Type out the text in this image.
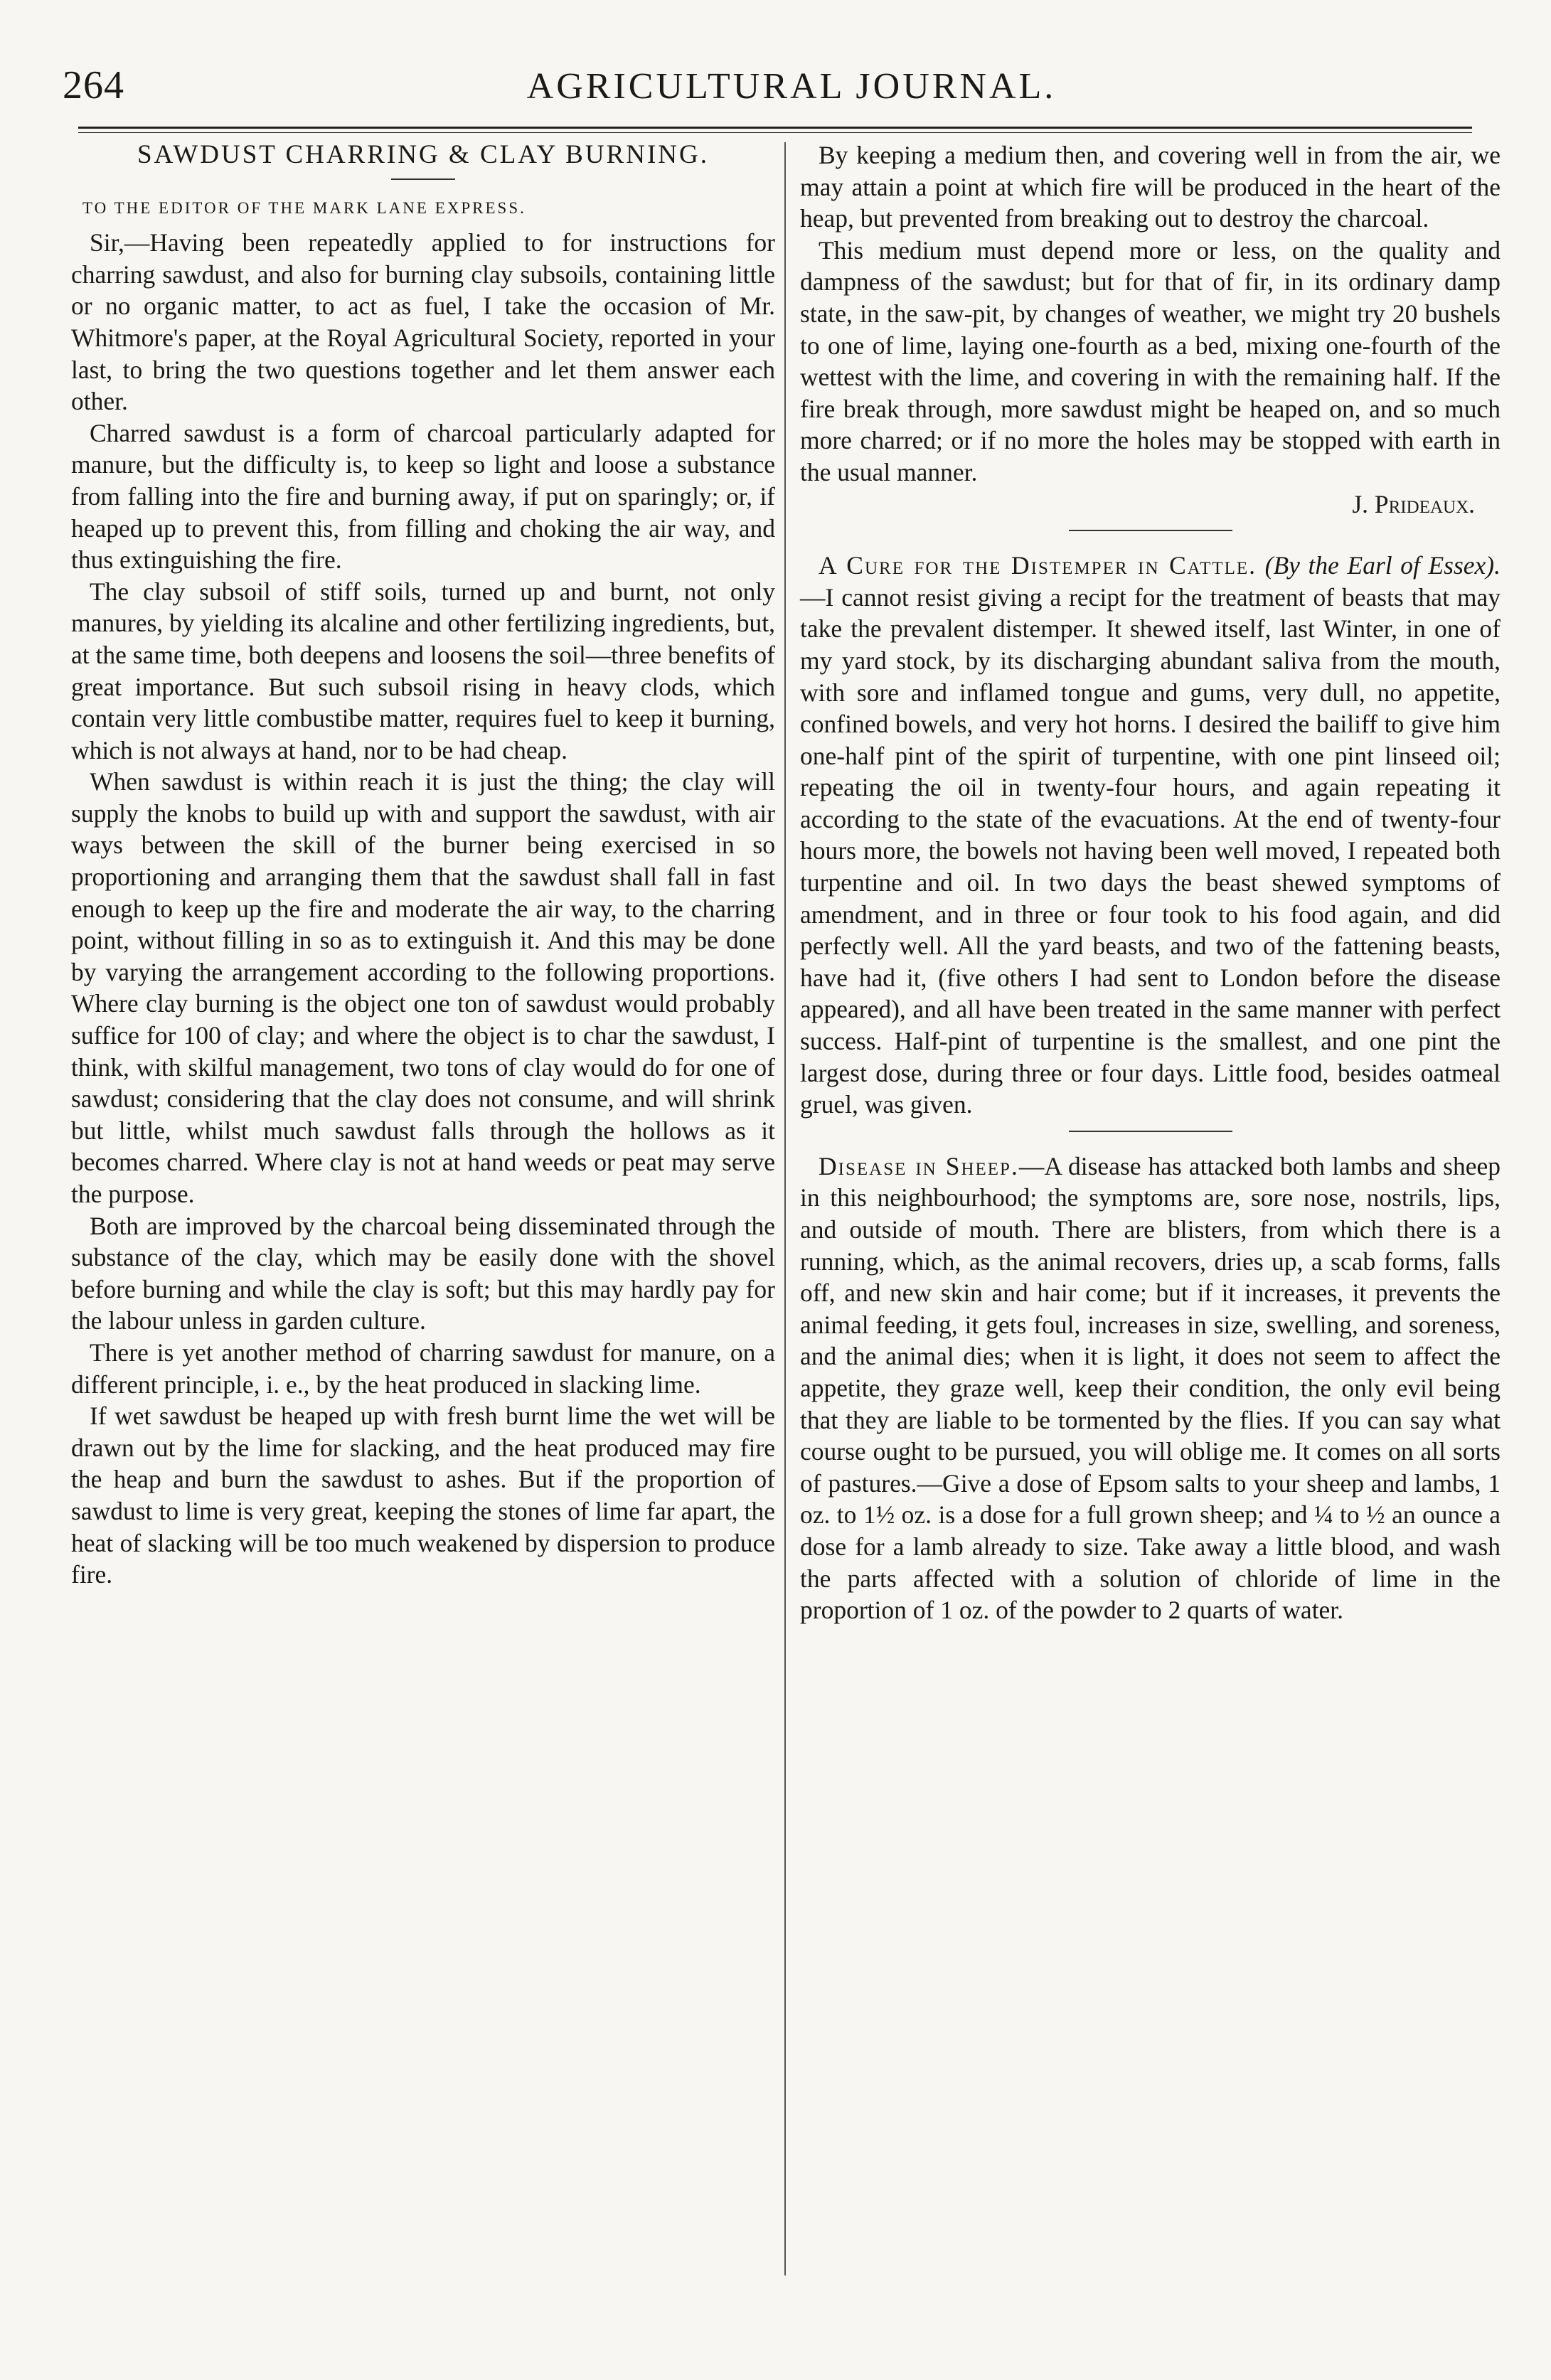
264	AGRICULTURAL JOURNAL.
SAWDUST CHARRING & CLAY BURNING.
TO THE EDITOR OF THE MARK LANE EXPRESS.

Sir,—Having been repeatedly applied to for instructions for charring sawdust, and also for burning clay subsoils, containing little or no organic matter, to act as fuel, I take the occasion of Mr. Whitmore's paper, at the Royal Agricultural Society, reported in your last, to bring the two questions together and let them answer each other.

Charred sawdust is a form of charcoal particularly adapted for manure, but the difficulty is, to keep so light and loose a substance from falling into the fire and burning away, if put on sparingly; or, if heaped up to prevent this, from filling and choking the air way, and thus extinguishing the fire.

The clay subsoil of stiff soils, turned up and burnt, not only manures, by yielding its alcaline and other fertilizing ingredients, but, at the same time, both deepens and loosens the soil—three benefits of great importance. But such subsoil rising in heavy clods, which contain very little combustibe matter, requires fuel to keep it burning, which is not always at hand, nor to be had cheap.

When sawdust is within reach it is just the thing; the clay will supply the knobs to build up with and support the sawdust, with air ways between the skill of the burner being exercised in so proportioning and arranging them that the sawdust shall fall in fast enough to keep up the fire and moderate the air way, to the charring point, without filling in so as to extinguish it. And this may be done by varying the arrangement according to the following proportions. Where clay burning is the object one ton of sawdust would probably suffice for 100 of clay; and where the object is to char the sawdust, I think, with skilful management, two tons of clay would do for one of sawdust; considering that the clay does not consume, and will shrink but little, whilst much sawdust falls through the hollows as it becomes charred. Where clay is not at hand weeds or peat may serve the purpose.

Both are improved by the charcoal being disseminated through the substance of the clay, which may be easily done with the shovel before burning and while the clay is soft; but this may hardly pay for the labour unless in garden culture.

There is yet another method of charring sawdust for manure, on a different principle, i. e., by the heat produced in slacking lime.

If wet sawdust be heaped up with fresh burnt lime the wet will be drawn out by the lime for slacking, and the heat produced may fire the heap and burn the sawdust to ashes. But if the proportion of sawdust to lime is very great, keeping the stones of lime far apart, the heat of slacking will be too much weakened by dispersion to produce fire.

By keeping a medium then, and covering well in from the air, we may attain a point at which fire will be produced in the heart of the heap, but prevented from breaking out to destroy the charcoal.

This medium must depend more or less, on the quality and dampness of the sawdust; but for that of fir, in its ordinary damp state, in the saw-pit, by changes of weather, we might try 20 bushels to one of lime, laying one-fourth as a bed, mixing one-fourth of the wettest with the lime, and covering in with the remaining half. If the fire break through, more sawdust might be heaped on, and so much more charred; or if no more the holes may be stopped with earth in the usual manner.

J. Prideaux.

A Cure for the Distemper in Cattle. (By the Earl of Essex).—I cannot resist giving a recipt for the treatment of beasts that may take the prevalent distemper. It shewed itself, last Winter, in one of my yard stock, by its discharging abundant saliva from the mouth, with sore and inflamed tongue and gums, very dull, no appetite, confined bowels, and very hot horns. I desired the bailiff to give him one-half pint of the spirit of turpentine, with one pint linseed oil; repeating the oil in twenty-four hours, and again repeating it according to the state of the evacuations. At the end of twenty-four hours more, the bowels not having been well moved, I repeated both turpentine and oil. In two days the beast shewed symptoms of amendment, and in three or four took to his food again, and did perfectly well. All the yard beasts, and two of the fattening beasts, have had it, (five others I had sent to London before the disease appeared), and all have been treated in the same manner with perfect success. Half-pint of turpentine is the smallest, and one pint the largest dose, during three or four days. Little food, besides oatmeal gruel, was given.

Disease in Sheep.—A disease has attacked both lambs and sheep in this neighbourhood; the symptoms are, sore nose, nostrils, lips, and outside of mouth. There are blisters, from which there is a running, which, as the animal recovers, dries up, a scab forms, falls off, and new skin and hair come; but if it increases, it prevents the animal feeding, it gets foul, increases in size, swelling, and soreness, and the animal dies; when it is light, it does not seem to affect the appetite, they graze well, keep their condition, the only evil being that they are liable to be tormented by the flies. If you can say what course ought to be pursued, you will oblige me. It comes on all sorts of pastures.—Give a dose of Epsom salts to your sheep and lambs, 1 oz. to 1½ oz. is a dose for a full grown sheep; and ¼ to ½ an ounce a dose for a lamb already to size. Take away a little blood, and wash the parts affected with a solution of chloride of lime in the proportion of 1 oz. of the powder to 2 quarts of water.
